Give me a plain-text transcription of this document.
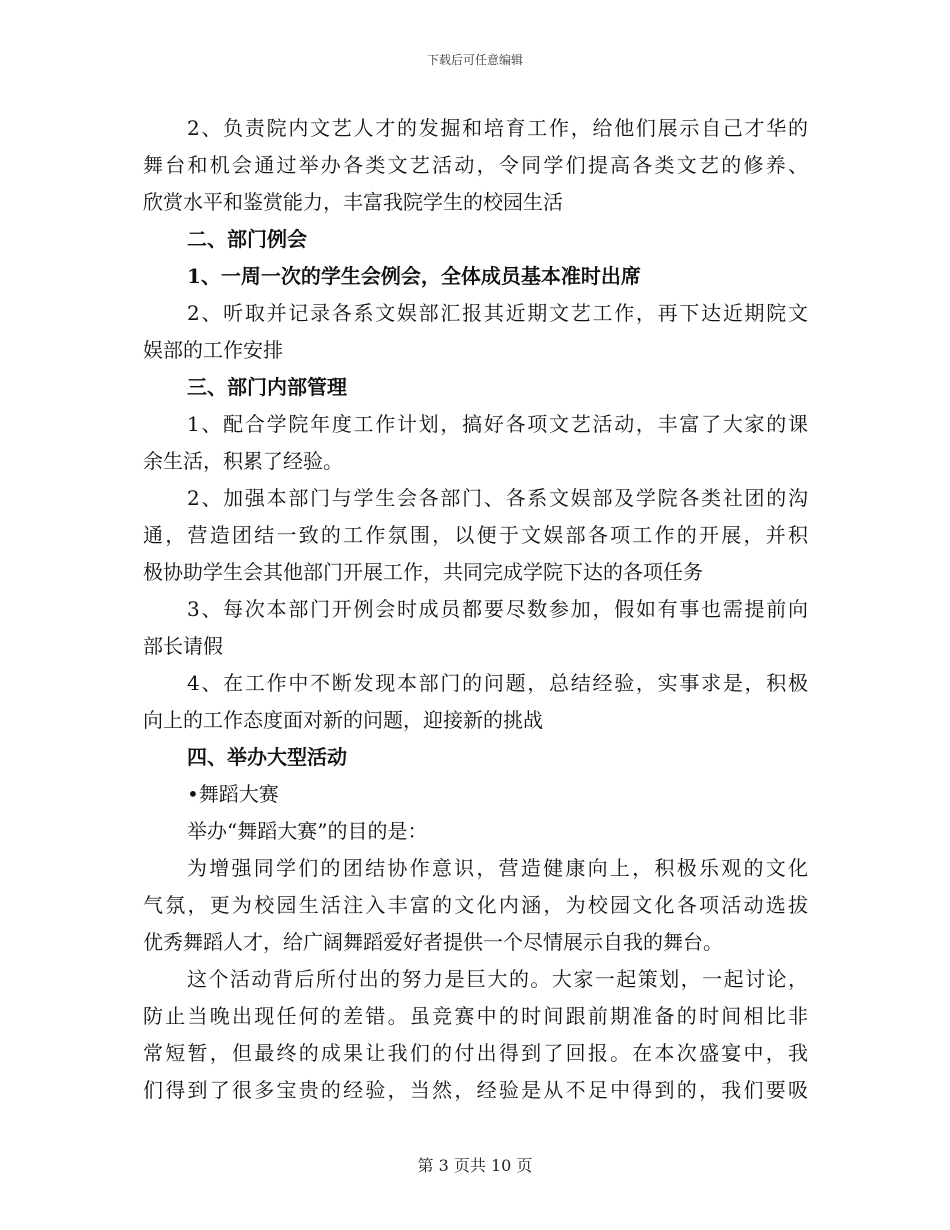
下载后可任意编辑
2、负责院内文艺人才的发掘和培育工作，给他们展示自己才华的
舞台和机会通过举办各类文艺活动，令同学们提高各类文艺的修养、
欣赏水平和鉴赏能力，丰富我院学生的校园生活
二、部门例会
1、一周一次的学生会例会，全体成员基本准时出席
2、听取并记录各系文娱部汇报其近期文艺工作，再下达近期院文
娱部的工作安排
三、部门内部管理
1、配合学院年度工作计划，搞好各项文艺活动，丰富了大家的课
余生活，积累了经验。
2、加强本部门与学生会各部门、各系文娱部及学院各类社团的沟
通，营造团结一致的工作氛围，以便于文娱部各项工作的开展，并积
极协助学生会其他部门开展工作，共同完成学院下达的各项任务
3、每次本部门开例会时成员都要尽数参加，假如有事也需提前向
部长请假
4、在工作中不断发现本部门的问题，总结经验，实事求是，积极
向上的工作态度面对新的问题，迎接新的挑战
四、举办大型活动
•舞蹈大赛
举办“舞蹈大赛”的目的是：
为增强同学们的团结协作意识，营造健康向上，积极乐观的文化
气氛，更为校园生活注入丰富的文化内涵，为校园文化各项活动选拔
优秀舞蹈人才，给广阔舞蹈爱好者提供一个尽情展示自我的舞台。
这个活动背后所付出的努力是巨大的。大家一起策划，一起讨论，
防止当晚出现任何的差错。虽竞赛中的时间跟前期准备的时间相比非
常短暂，但最终的成果让我们的付出得到了回报。在本次盛宴中，我
们得到了很多宝贵的经验，当然，经验是从不足中得到的，我们要吸
第 3 页共 10 页
